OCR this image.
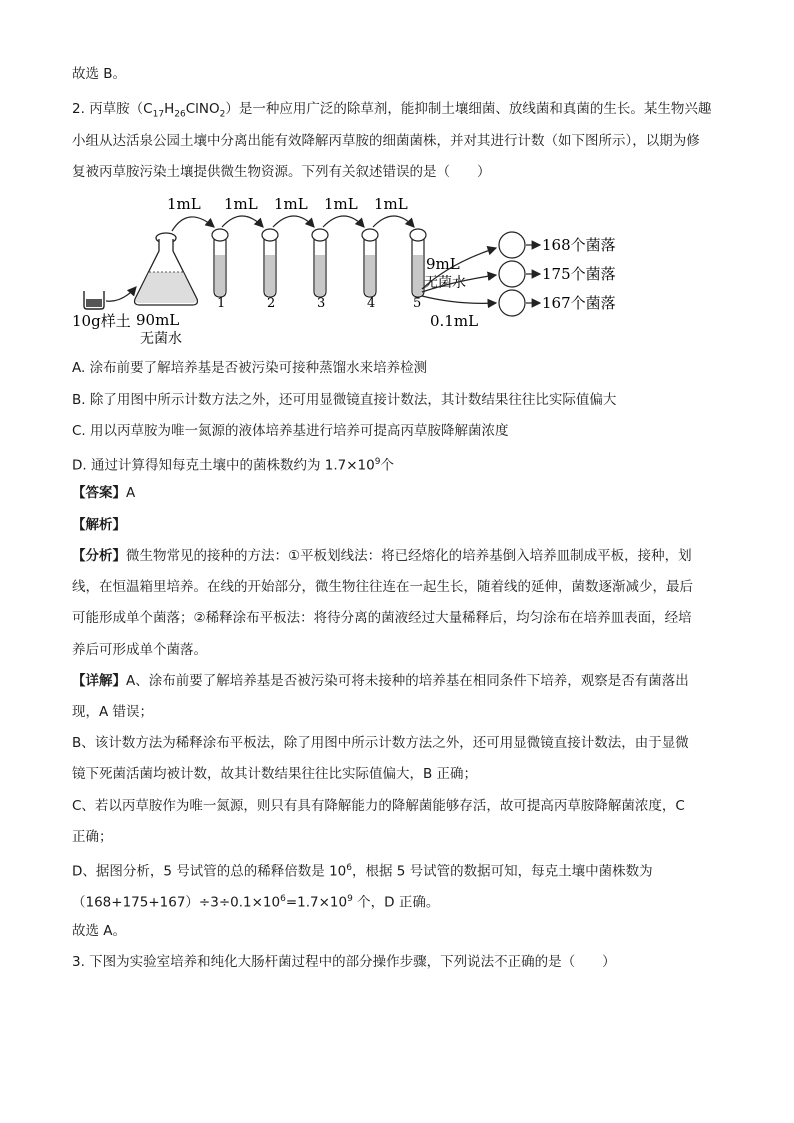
故选 B。
2. 丙草胺$(C_{17}H_{26}ClNO_2)$是一种应用广泛的除草剂，能抑制土壤细菌、放线菌和真菌的生长。某生物兴趣
小组从达活泉公园土壤中分离出能有效降解丙草胺的细菌菌株，并对其进行计数（如下图所示），以期为修
复被丙草胺污染土壤提供微生物资源。下列有关叙述错误的是（　　）
10g样土 90mL
无菌水
1mL 1mL 1mL 1mL 1mL
1	2	3	4	5
9mL
无菌水
0.1mL
168个菌落
175个菌落
167个菌落
A. 涂布前要了解培养基是否被污染可接种蒸馏水来培养检测
B. 除了用图中所示计数方法之外，还可用显微镜直接计数法，其计数结果往往比实际值偏大
C. 用以丙草胺为唯一氮源的液体培养基进行培养可提高丙草胺降解菌浓度
D. 通过计算得知每克土壤中的菌株数约为 $1.7\times 10^9$个
【答案】A
【解析】
【分析】微生物常见的接种的方法：①平板划线法：将已经熔化的培养基倒入培养皿制成平板，接种，划
线，在恒温箱里培养。在线的开始部分，微生物往往连在一起生长，随着线的延伸，菌数逐渐减少，最后
可能形成单个菌落；②稀释涂布平板法：将待分离的菌液经过大量稀释后，均匀涂布在培养皿表面，经培
养后可形成单个菌落。
【详解】A、涂布前要了解培养基是否被污染可将未接种的培养基在相同条件下培养，观察是否有菌落出
现，A 错误；
B、该计数方法为稀释涂布平板法，除了用图中所示计数方法之外，还可用显微镜直接计数法，由于显微
镜下死菌活菌均被计数，故其计数结果往往比实际值偏大，B 正确；
C、若以丙草胺作为唯一氮源，则只有具有降解能力的降解菌能够存活，故可提高丙草胺降解菌浓度，C
正确；
D、据图分析，5 号试管的总的稀释倍数是 $10^6$，根据 5 号试管的数据可知，每克土壤中菌株数为
$(168+175+167)\div 3\div 0.1\times 10^6=1.7\times 10^9$ 个，D 正确。
故选 A。
3. 下图为实验室培养和纯化大肠杆菌过程中的部分操作步骤，下列说法不正确的是（　　）
